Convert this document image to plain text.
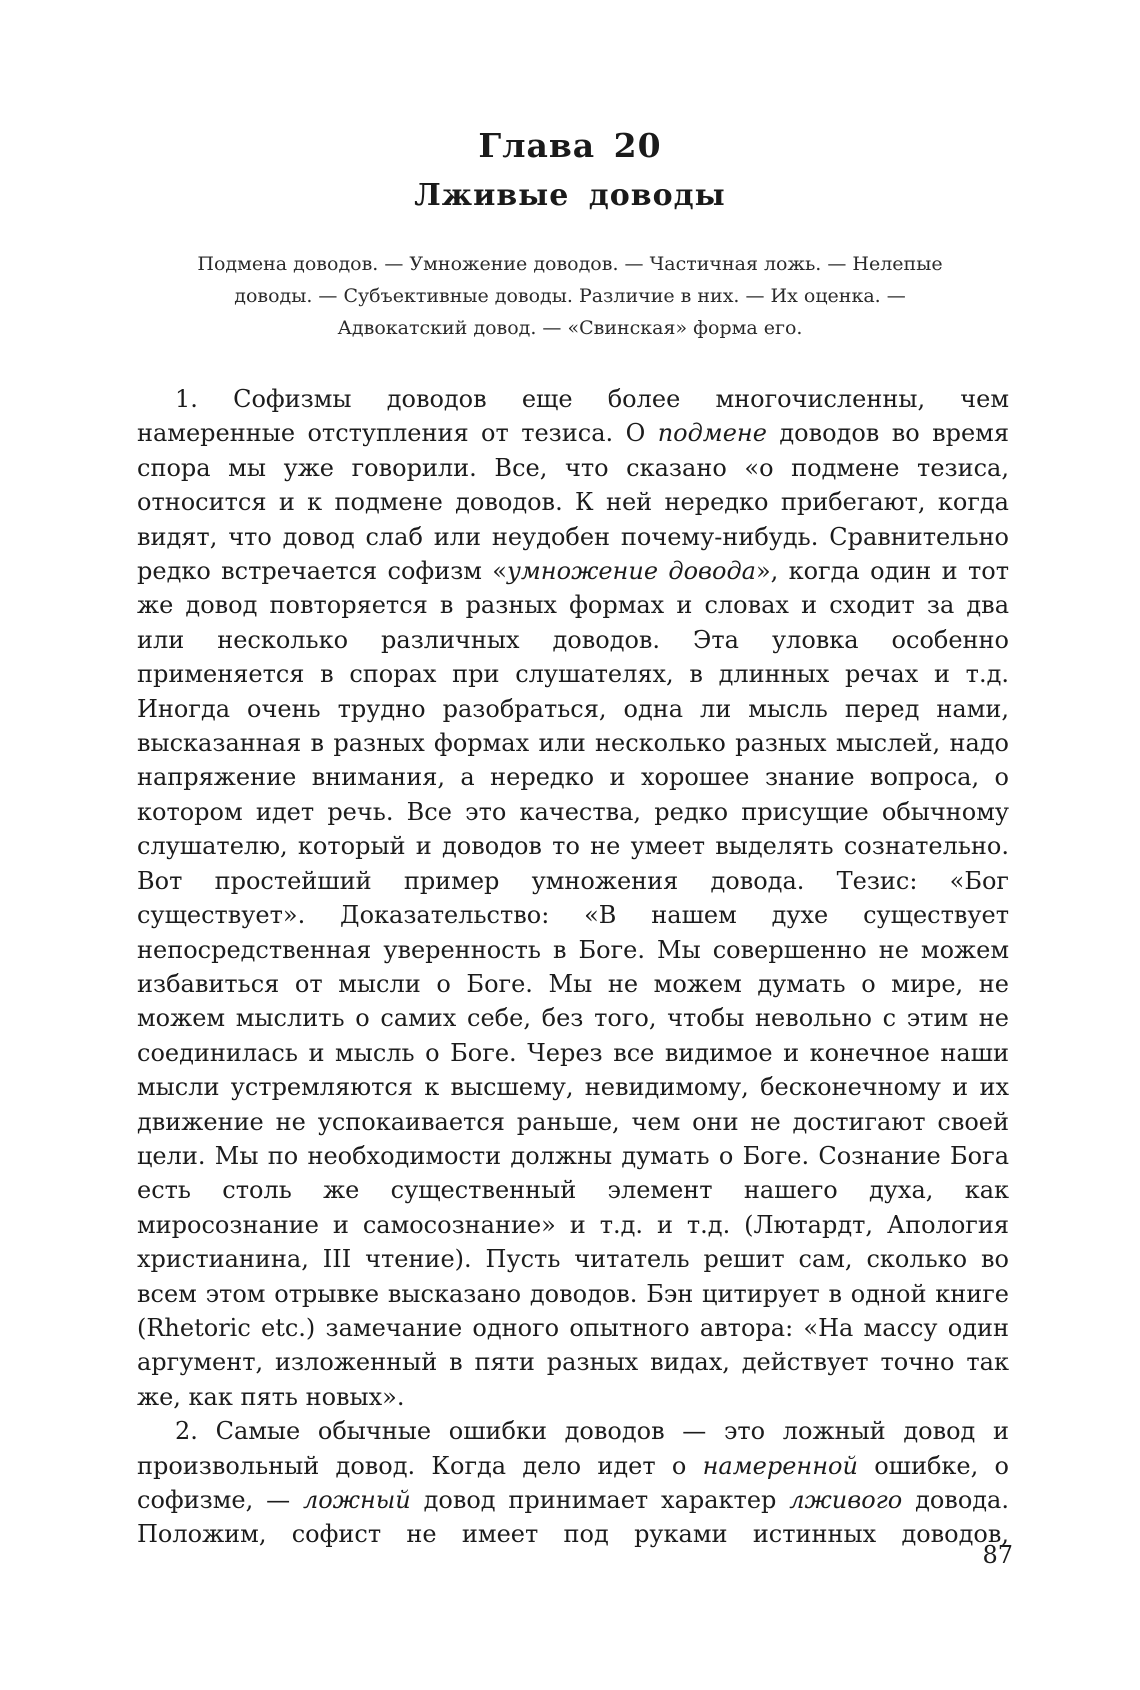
Глава 20
Лживые доводы
Подмена доводов. — Умножение доводов. — Частичная ложь. — Нелепые доводы. — Субъективные доводы. Различие в них. — Их оценка. — Адвокатский довод. — «Свинская» форма его.

1. Софизмы доводов еще более многочисленны, чем намеренные отступления от тезиса. О подмене доводов во время спора мы уже говорили. Все, что сказано «о подмене тезиса, относится и к подмене доводов. К ней нередко прибегают, когда видят, что довод слаб или неудобен почему-нибудь. Сравнительно редко встречается софизм «умножение довода», когда один и тот же довод повторяется в разных формах и словах и сходит за два или несколько различных доводов. Эта уловка особенно применяется в спорах при слушателях, в длинных речах и т.д. Иногда очень трудно разобраться, одна ли мысль перед нами, высказанная в разных формах или несколько разных мыслей, надо напряжение внимания, а нередко и хорошее знание вопроса, о котором идет речь. Все это качества, редко присущие обычному слушателю, который и доводов то не умеет выделять сознательно. Вот простейший пример умножения довода. Тезис: «Бог существует». Доказательство: «В нашем духе существует непосредственная уверенность в Боге. Мы совершенно не можем избавиться от мысли о Боге. Мы не можем думать о мире, не можем мыслить о самих себе, без того, чтобы невольно с этим не соединилась и мысль о Боге. Через все видимое и конечное наши мысли устремляются к высшему, невидимому, бесконечному и их движение не успокаивается раньше, чем они не достигают своей цели. Мы по необходимости должны думать о Боге. Сознание Бога есть столь же существенный элемент нашего духа, как миросознание и самосознание» и т.д. и т.д. (Лютардт, Апология христианина, III чтение). Пусть читатель решит сам, сколько во всем этом отрывке высказано доводов. Бэн цитирует в одной книге (Rhetoric etc.) замечание одного опытного автора: «На массу один аргумент, изложенный в пяти разных видах, действует точно так же, как пять новых».

2. Самые обычные ошибки доводов — это ложный довод и произвольный довод. Когда дело идет о намеренной ошибке, о софизме, — ложный довод принимает характер лживого довода. Положим, софист не имеет под руками истинных доводов,

87
